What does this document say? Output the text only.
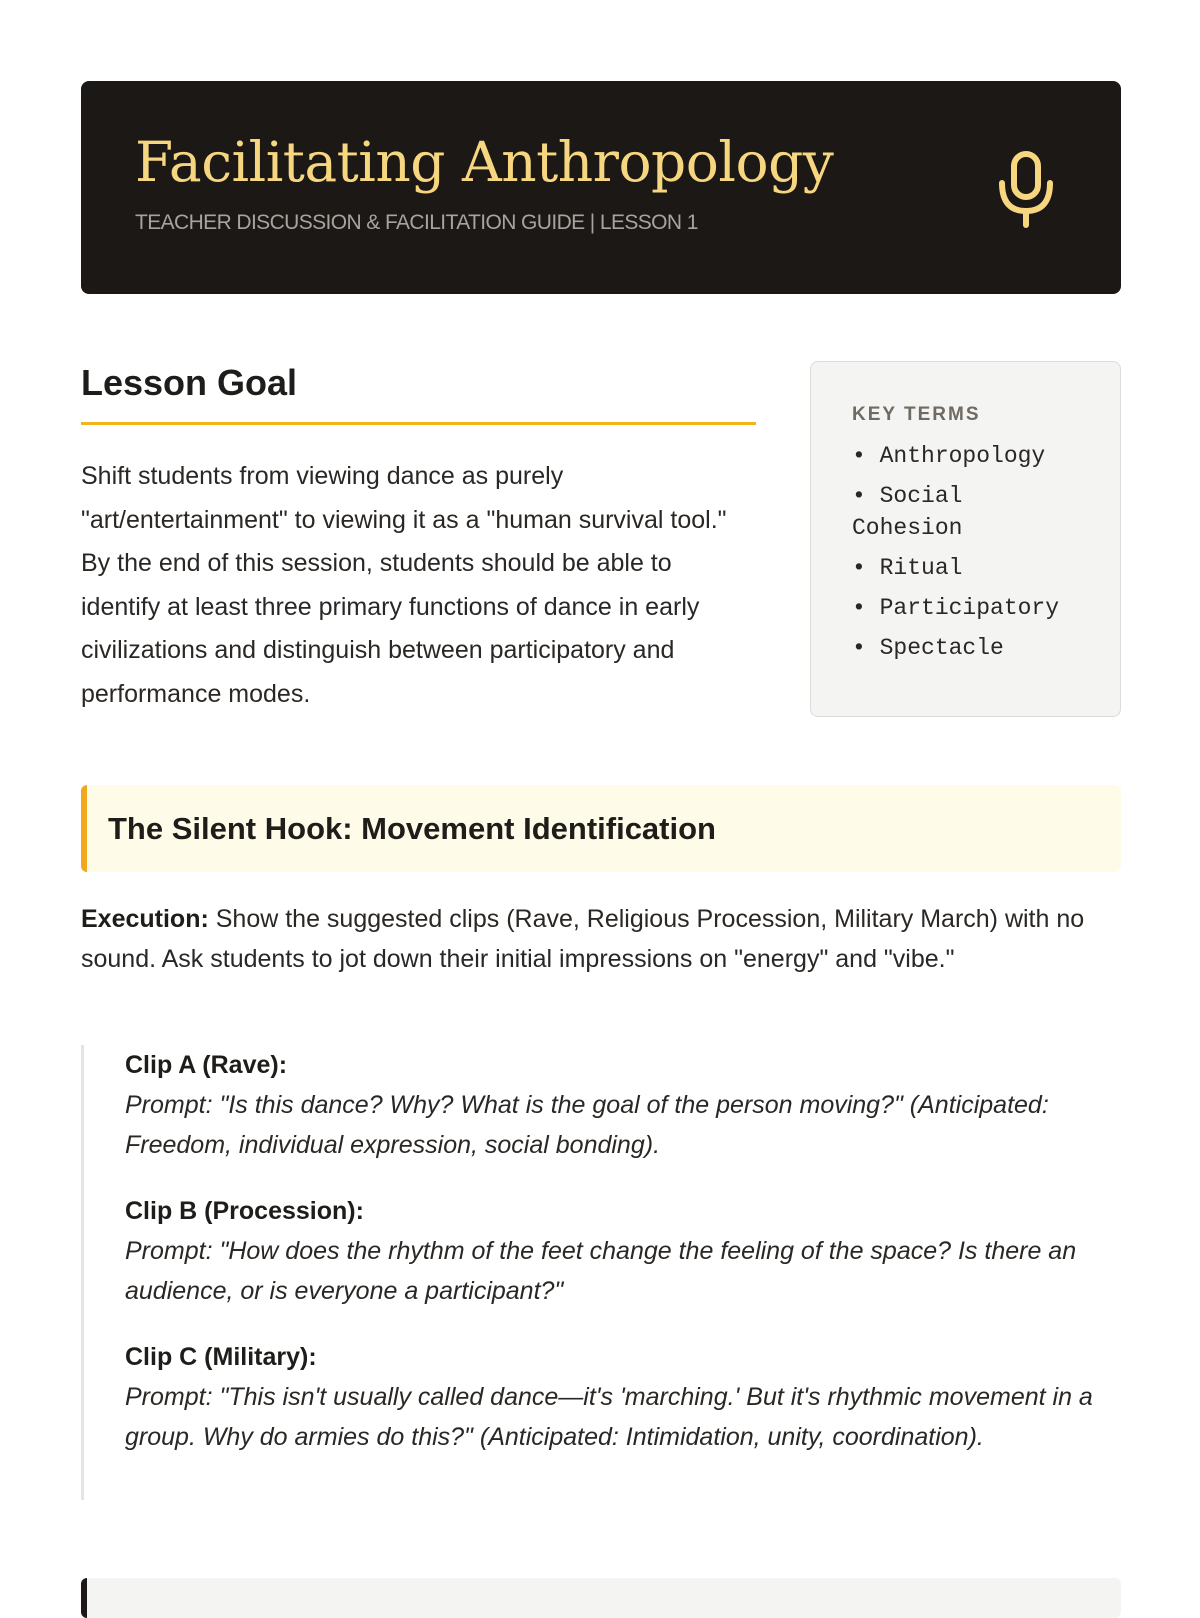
Facilitating Anthropology
TEACHER DISCUSSION & FACILITATION GUIDE | LESSON 1
Lesson Goal

Shift students from viewing dance as purely "art/entertainment" to viewing it as a "human survival tool." By the end of this session, students should be able to identify at least three primary functions of dance in early civilizations and distinguish between participatory and performance modes.

KEY TERMS
• Anthropology
• Social Cohesion
• Ritual
• Participatory
• Spectacle
The Silent Hook: Movement Identification

Execution: Show the suggested clips (Rave, Religious Procession, Military March) with no sound. Ask students to jot down their initial impressions on "energy" and "vibe."

Clip A (Rave):

Prompt: "Is this dance? Why? What is the goal of the person moving?" (Anticipated: Freedom, individual expression, social bonding).

Clip B (Procession):

Prompt: "How does the rhythm of the feet change the feeling of the space? Is there an audience, or is everyone a participant?"

Clip C (Military):

Prompt: "This isn't usually called dance—it's 'marching.' But it's rhythmic movement in a group. Why do armies do this?" (Anticipated: Intimidation, unity, coordination).
